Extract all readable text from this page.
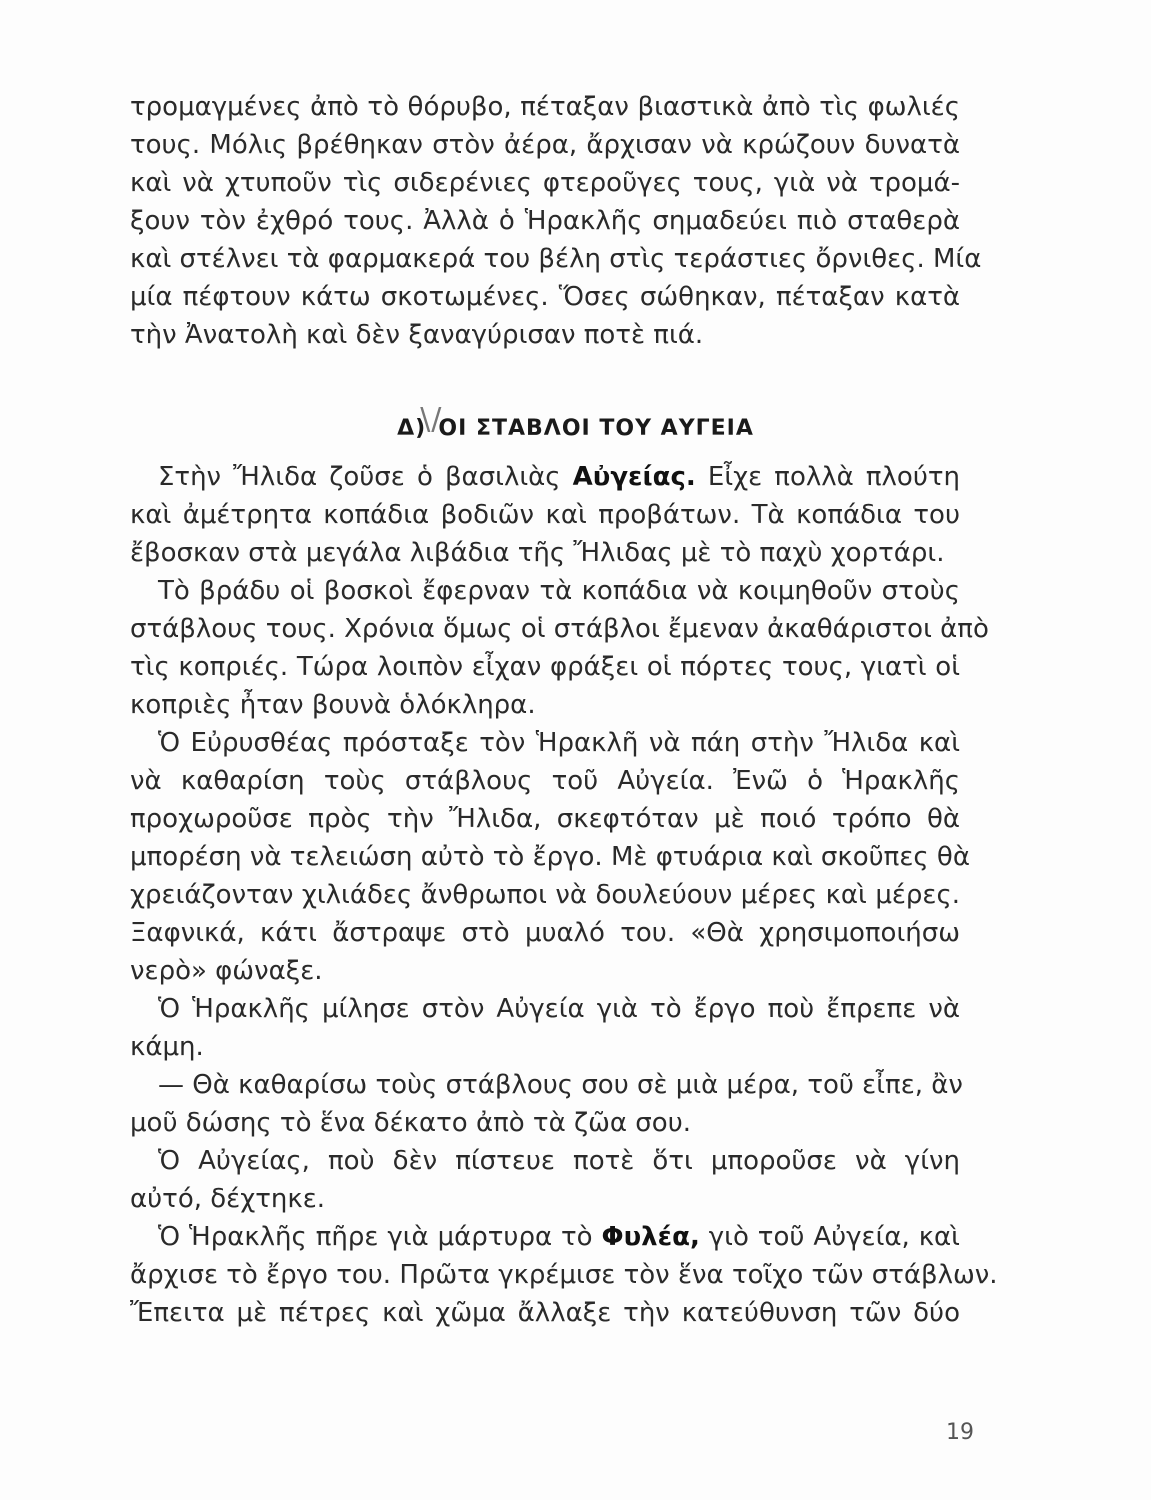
τρομαγμένες ἀπὸ τὸ θόρυβο, πέταξαν βιαστικὰ ἀπὸ τὶς φωλιές
τους. Μόλις βρέθηκαν στὸν ἀέρα, ἄρχισαν νὰ κρώζουν δυνατὰ
καὶ νὰ χτυποῦν τὶς σιδερένιες φτεροῦγες τους, γιὰ νὰ τρομά-
ξουν τὸν ἐχθρό τους. Ἀλλὰ ὁ Ἡρακλῆς σημαδεύει πιὸ σταθερὰ
καὶ στέλνει τὰ φαρμακερά του βέλη στὶς τεράστιες ὄρνιθες. Μία
μία πέφτουν κάτω σκοτωμένες. Ὅσες σώθηκαν, πέταξαν κατὰ
τὴν Ἀνατολὴ καὶ δὲν ξαναγύρισαν ποτὲ πιά.
Δ)\/ΟΙ ΣΤΑΒΛΟΙ ΤΟΥ ΑΥΓΕΙΑ
Στὴν Ἤλιδα ζοῦσε ὁ βασιλιὰς Αὐγείας. Εἶχε πολλὰ πλούτη
καὶ ἀμέτρητα κοπάδια βοδιῶν καὶ προβάτων. Τὰ κοπάδια του
ἔβοσκαν στὰ μεγάλα λιβάδια τῆς Ἤλιδας μὲ τὸ παχὺ χορτάρι.
Τὸ βράδυ οἱ βοσκοὶ ἔφερναν τὰ κοπάδια νὰ κοιμηθοῦν στοὺς
στάβλους τους. Χρόνια ὅμως οἱ στάβλοι ἔμεναν ἀκαθάριστοι ἀπὸ
τὶς κοπριές. Τώρα λοιπὸν εἶχαν φράξει οἱ πόρτες τους, γιατὶ οἱ
κοπριὲς ἦταν βουνὰ ὁλόκληρα.
Ὁ Εὐρυσθέας πρόσταξε τὸν Ἡρακλῆ νὰ πάη στὴν Ἤλιδα καὶ
νὰ καθαρίση τοὺς στάβλους τοῦ Αὐγεία. Ἐνῶ ὁ Ἡρακλῆς
προχωροῦσε πρὸς τὴν Ἤλιδα, σκεφτόταν μὲ ποιό τρόπο θὰ
μπορέση νὰ τελειώση αὐτὸ τὸ ἔργο. Μὲ φτυάρια καὶ σκοῦπες θὰ
χρειάζονταν χιλιάδες ἄνθρωποι νὰ δουλεύουν μέρες καὶ μέρες.
Ξαφνικά, κάτι ἄστραψε στὸ μυαλό του. «Θὰ χρησιμοποιήσω
νερὸ» φώναξε.
Ὁ Ἡρακλῆς μίλησε στὸν Αὐγεία γιὰ τὸ ἔργο ποὺ ἔπρεπε νὰ
κάμη.
— Θὰ καθαρίσω τοὺς στάβλους σου σὲ μιὰ μέρα, τοῦ εἶπε, ἂν
μοῦ δώσης τὸ ἕνα δέκατο ἀπὸ τὰ ζῶα σου.
Ὁ Αὐγείας, ποὺ δὲν πίστευε ποτὲ ὅτι μποροῦσε νὰ γίνη
αὐτό, δέχτηκε.
Ὁ Ἡρακλῆς πῆρε γιὰ μάρτυρα τὸ Φυλέα, γιὸ τοῦ Αὐγεία, καὶ
ἄρχισε τὸ ἔργο του. Πρῶτα γκρέμισε τὸν ἕνα τοῖχο τῶν στάβλων.
Ἔπειτα μὲ πέτρες καὶ χῶμα ἄλλαξε τὴν κατεύθυνση τῶν δύο
19
